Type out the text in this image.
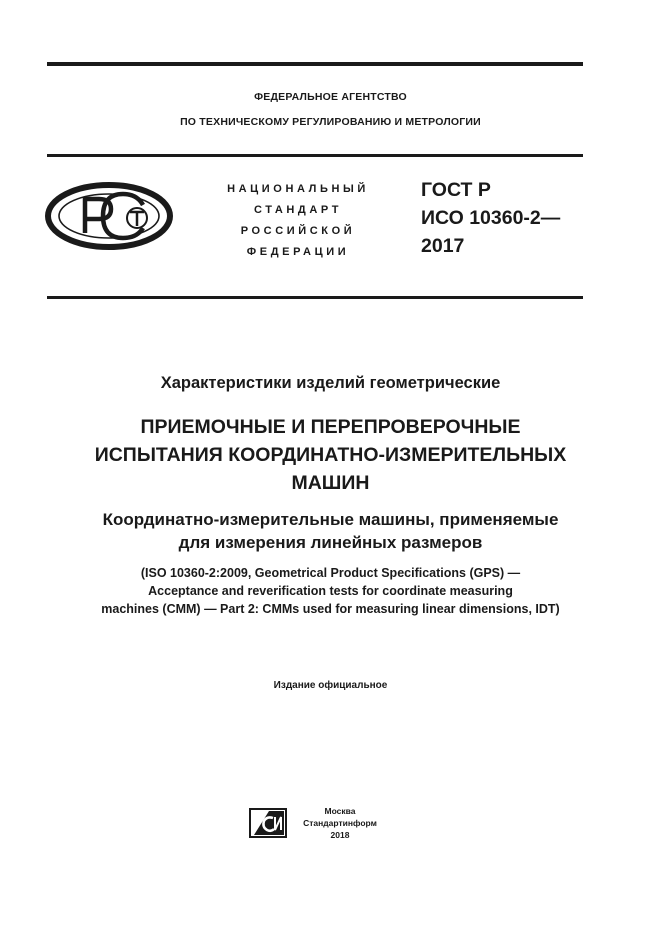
ФЕДЕРАЛЬНОЕ АГЕНТСТВО
ПО ТЕХНИЧЕСКОМУ РЕГУЛИРОВАНИЮ И МЕТРОЛОГИИ
НАЦИОНАЛЬНЫЙ
СТАНДАРТ
РОССИЙСКОЙ
ФЕДЕРАЦИИ
ГОСТ Р
ИСО 10360-2—
2017
Характеристики изделий геометрические
ПРИЕМОЧНЫЕ И ПЕРЕПРОВЕРОЧНЫЕ
ИСПЫТАНИЯ КООРДИНАТНО-ИЗМЕРИТЕЛЬНЫХ
МАШИН
Координатно-измерительные машины, применяемые
для измерения линейных размеров
(ISO 10360-2:2009, Geometrical Product Specifications (GPS) —
Acceptance and reverification tests for coordinate measuring
machines (CMM) — Part 2: CMMs used for measuring linear dimensions, IDT)
Издание официальное
Москва
Стандартинформ
2018
